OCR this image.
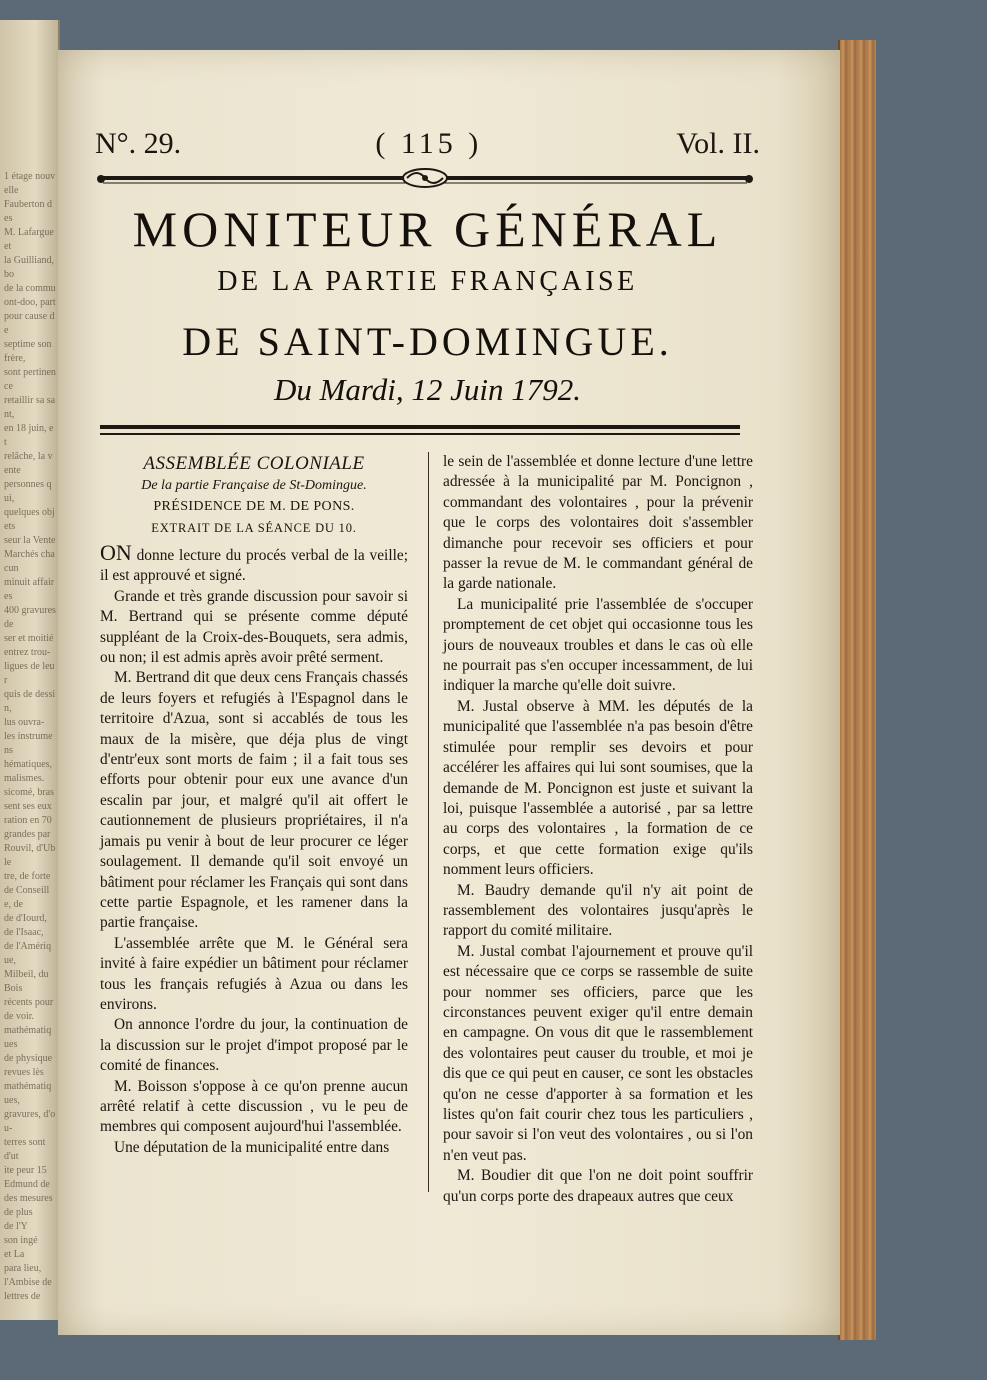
1 étage nouvelle
Fauberton des
M. Lafargue et
la Guilliand, bo
de la commu
ont-doo, part
pour cause de
septime son frère,
sont pertinence
retaillir sa sant,
en 18 juin, et
relâche, la vente
personnes qui,
quelques objets
seur la Vente
Marchés chacun
minuit affaires
400 gravures de
ser et moitié
entrez trou-
ligues de leur
quis de dessin,
lus ouvra-
les instrumens
hématiques,
malismes.
sicomé, bras
sent ses eux
ration en 70
grandes par
Rouvil, d'Uble
tre, de forte
de Conseille, de
de d'Iourd,
de l'Isaac,
de l'Amérique,
Milbeil, du Bois
récents pour
de voir.
mathématiques
de physique
revues lès
mathématiques,
gravures, d'ou-
terres sont d'ut
ite peur 15
Edmund de
des mesures
de plus
de l'Y
son ingé
et La
para lieu,
l'Ambise de
lettres de
N°. 29.	( 115 )	Vol. II.
MONITEUR GÉNÉRAL
DE LA PARTIE FRANÇAISE
DE SAINT-DOMINGUE.
Du Mardi, 12 Juin 1792.

ASSEMBLÉE COLONIALE

De la partie Française de St-Domingue.

PRÉSIDENCE DE M. DE PONS.

EXTRAIT DE LA SÉANCE DU 10.

ON donne lecture du procés verbal de la veille; il est approuvé et signé.

Grande et très grande discussion pour savoir si M. Bertrand qui se présente comme député suppléant de la Croix-des-Bouquets, sera admis, ou non; il est admis après avoir prêté serment.

M. Bertrand dit que deux cens Français chassés de leurs foyers et refugiés à l'Espagnol dans le territoire d'Azua, sont si accablés de tous les maux de la misère, que déja plus de vingt d'entr'eux sont morts de faim ; il a fait tous ses efforts pour obtenir pour eux une avance d'un escalin par jour, et malgré qu'il ait offert le cautionnement de plusieurs propriétaires, il n'a jamais pu venir à bout de leur procurer ce léger soulagement. Il demande qu'il soit envoyé un bâtiment pour réclamer les Français qui sont dans cette partie Espagnole, et les ramener dans la partie française.

L'assemblée arrête que M. le Général sera invité à faire expédier un bâtiment pour réclamer tous les français refugiés à Azua ou dans les environs.

On annonce l'ordre du jour, la continuation de la discussion sur le projet d'impot proposé par le comité de finances.

M. Boisson s'oppose à ce qu'on prenne aucun arrêté relatif à cette discussion , vu le peu de membres qui composent aujourd'hui l'assemblée.

Une députation de la municipalité entre dans

le sein de l'assemblée et donne lecture d'une lettre adressée à la municipalité par M. Poncignon , commandant des volontaires , pour la prévenir que le corps des volontaires doit s'assembler dimanche pour recevoir ses officiers et pour passer la revue de M. le commandant général de la garde nationale.

La municipalité prie l'assemblée de s'occuper promptement de cet objet qui occasionne tous les jours de nouveaux troubles et dans le cas où elle ne pourrait pas s'en occuper incessamment, de lui indiquer la marche qu'elle doit suivre.

M. Justal observe à MM. les députés de la municipalité que l'assemblée n'a pas besoin d'être stimulée pour remplir ses devoirs et pour accélérer les affaires qui lui sont soumises, que la demande de M. Poncignon est juste et suivant la loi, puisque l'assemblée a autorisé , par sa lettre au corps des volontaires , la formation de ce corps, et que cette formation exige qu'ils nomment leurs officiers.

M. Baudry demande qu'il n'y ait point de rassemblement des volontaires jusqu'après le rapport du comité militaire.

M. Justal combat l'ajournement et prouve qu'il est nécessaire que ce corps se rassemble de suite pour nommer ses officiers, parce que les circonstances peuvent exiger qu'il entre demain en campagne. On vous dit que le rassemblement des volontaires peut causer du trouble, et moi je dis que ce qui peut en causer, ce sont les obstacles qu'on ne cesse d'apporter à sa formation et les listes qu'on fait courir chez tous les particuliers , pour savoir si l'on veut des volontaires , ou si l'on n'en veut pas.

M. Boudier dit que l'on ne doit point souffrir qu'un corps porte des drapeaux autres que ceux
